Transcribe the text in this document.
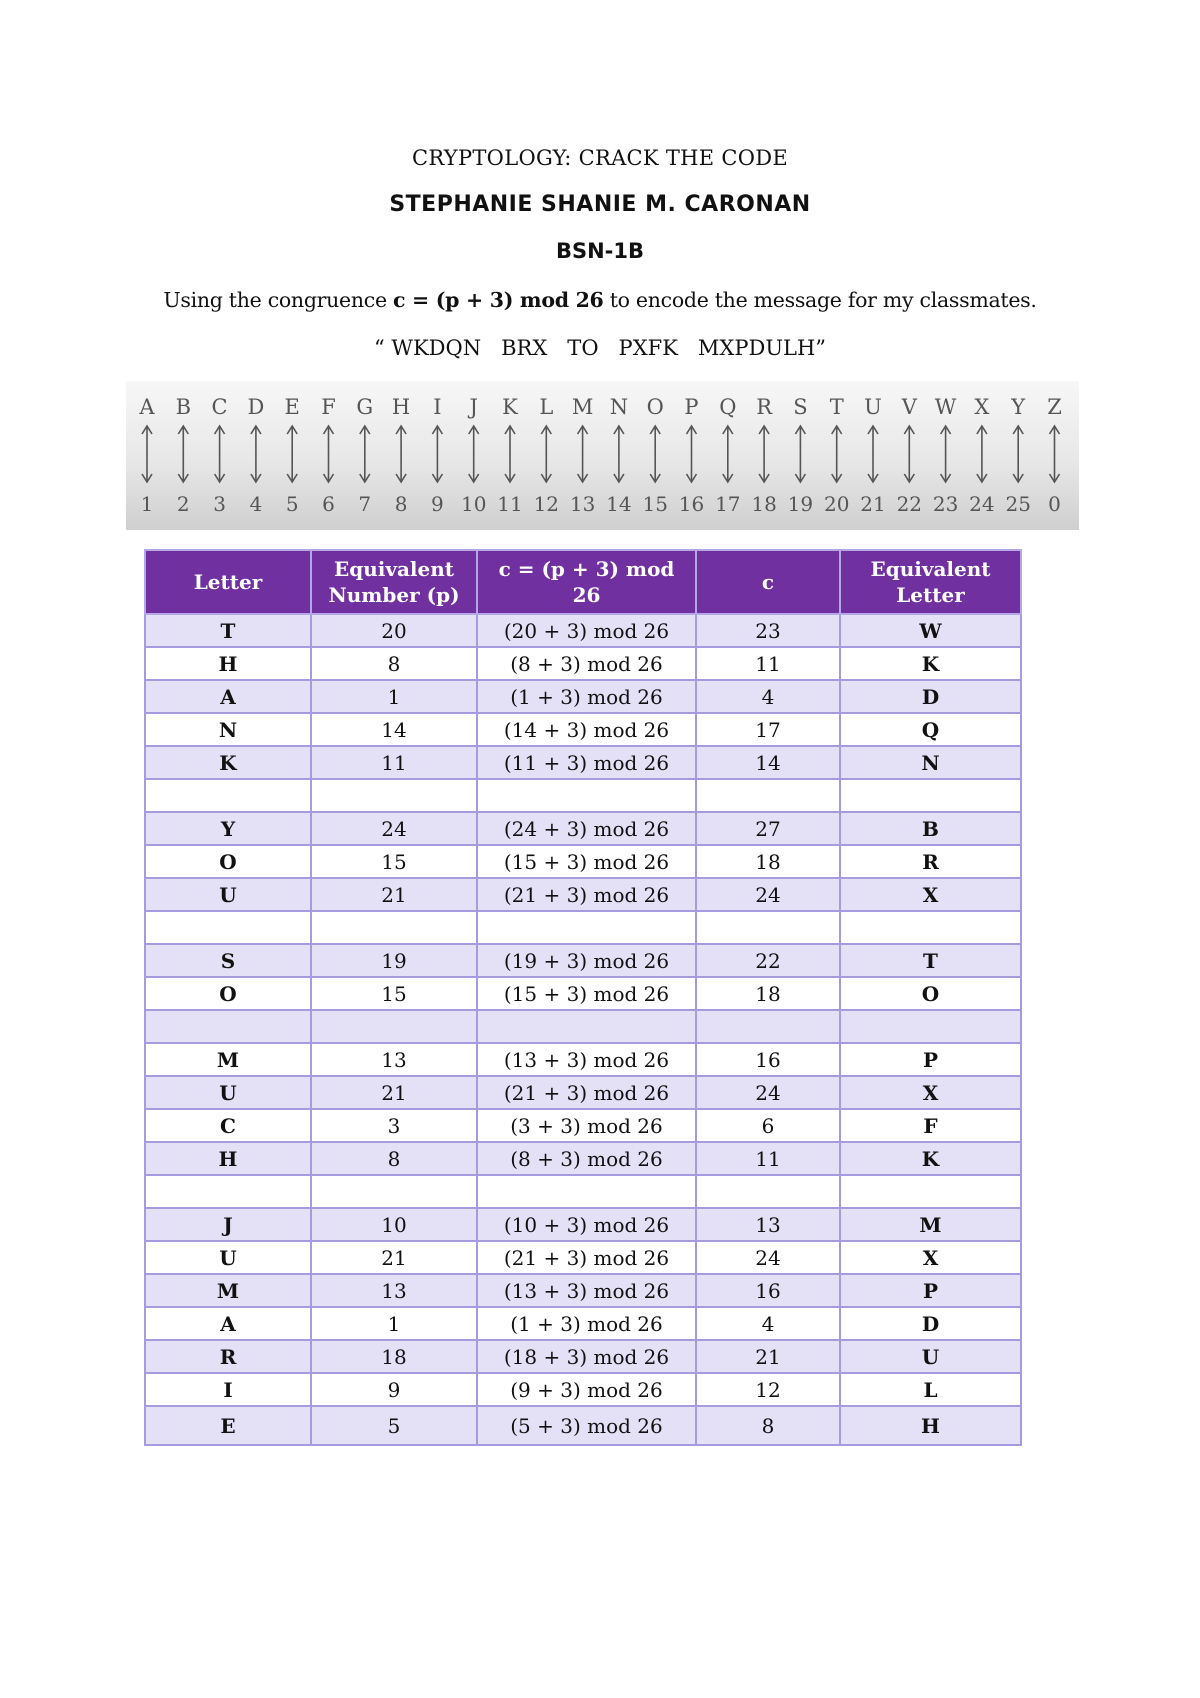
CRYPTOLOGY: CRACK THE CODE
STEPHANIE SHANIE M. CARONAN
BSN-1B
Using the congruence c = (p + 3) mod 26 to encode the message for my classmates.
“ WKDQN   BRX   TO   PXFK   MXPDULH”
A
1
B
2
C
3
D
4
E
5
F
6
G
7
H
8
I
9
J
10
K
11
L
12
M
13
N
14
O
15
P
16
Q
17
R
18
S
19
T
20
U
21
V
22
W
23
X
24
Y
25
Z
0
Letter	Equivalent Number (p)	c = (p + 3) mod 26	c	Equivalent Letter
T	20	(20 + 3) mod 26	23	W
H	8	(8 + 3) mod 26	11	K
A	1	(1 + 3) mod 26	4	D
N	14	(14 + 3) mod 26	17	Q
K	11	(11 + 3) mod 26	14	N

Y	24	(24 + 3) mod 26	27	B
O	15	(15 + 3) mod 26	18	R
U	21	(21 + 3) mod 26	24	X

S	19	(19 + 3) mod 26	22	T
O	15	(15 + 3) mod 26	18	O

M	13	(13 + 3) mod 26	16	P
U	21	(21 + 3) mod 26	24	X
C	3	(3 + 3) mod 26	6	F
H	8	(8 + 3) mod 26	11	K

J	10	(10 + 3) mod 26	13	M
U	21	(21 + 3) mod 26	24	X
M	13	(13 + 3) mod 26	16	P
A	1	(1 + 3) mod 26	4	D
R	18	(18 + 3) mod 26	21	U
I	9	(9 + 3) mod 26	12	L
E	5	(5 + 3) mod 26	8	H
